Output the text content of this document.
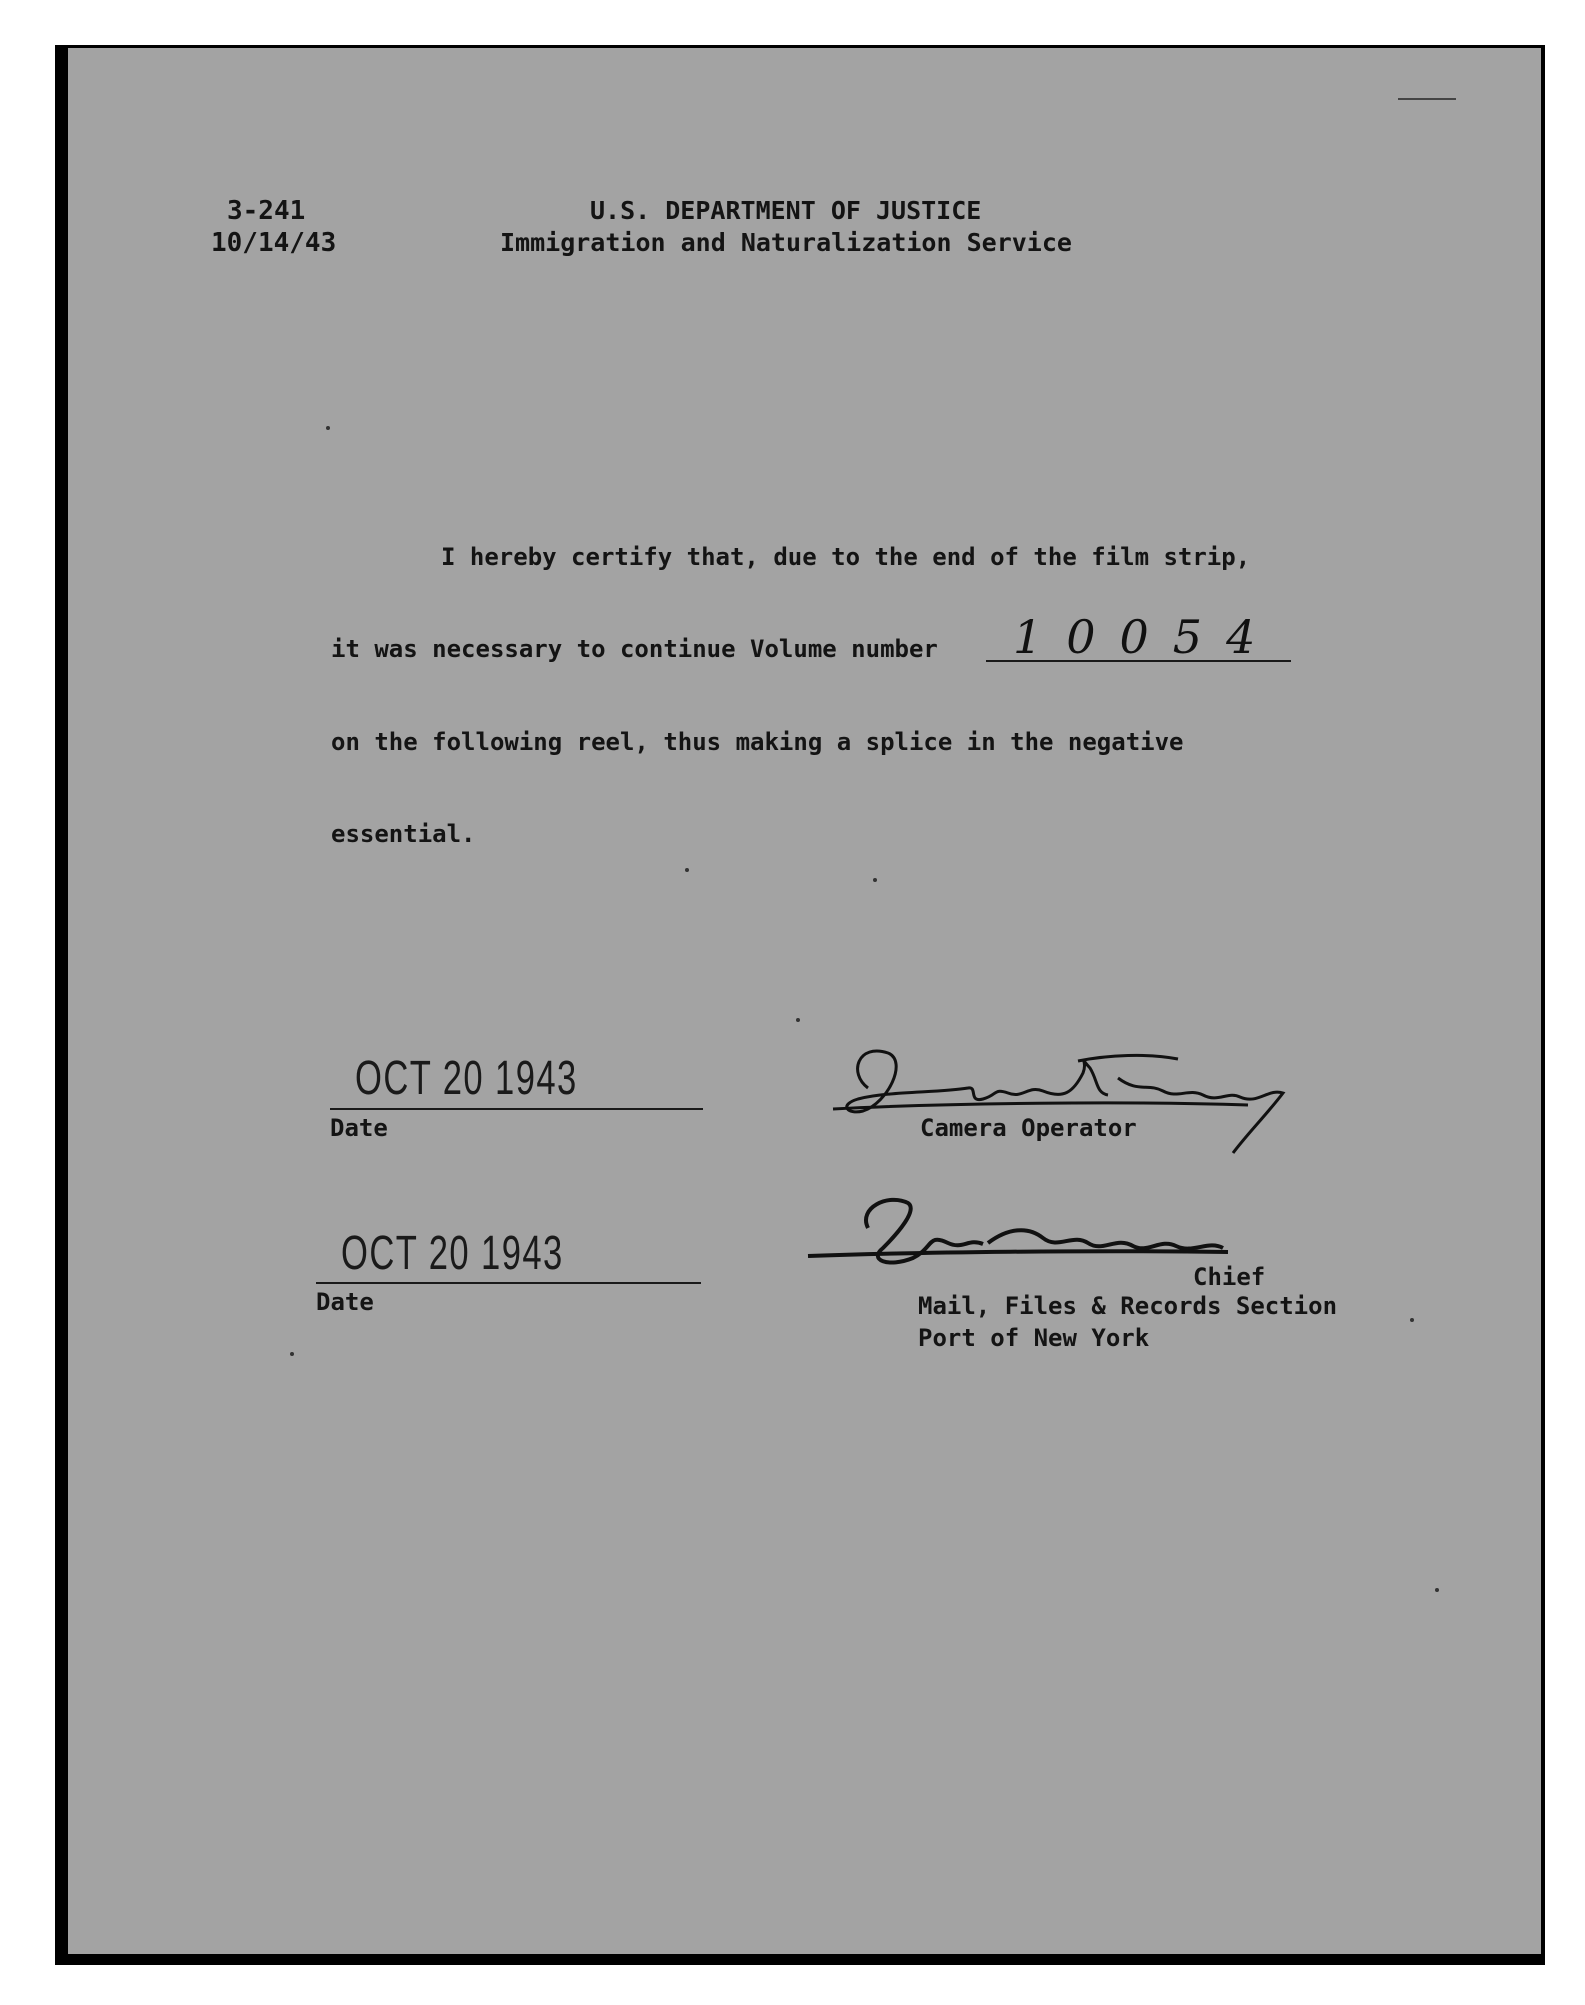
3-241
10/14/43
U.S. DEPARTMENT OF JUSTICE
Immigration and Naturalization Service
I hereby certify that, due to the end of the film strip,
it was necessary to continue Volume number 10054
on the following reel, thus making a splice in the negative
essential.
OCT 20 1943
Date	Camera Operator
OCT 20 1943
Date
Chief
Mail, Files & Records Section
Port of New York
